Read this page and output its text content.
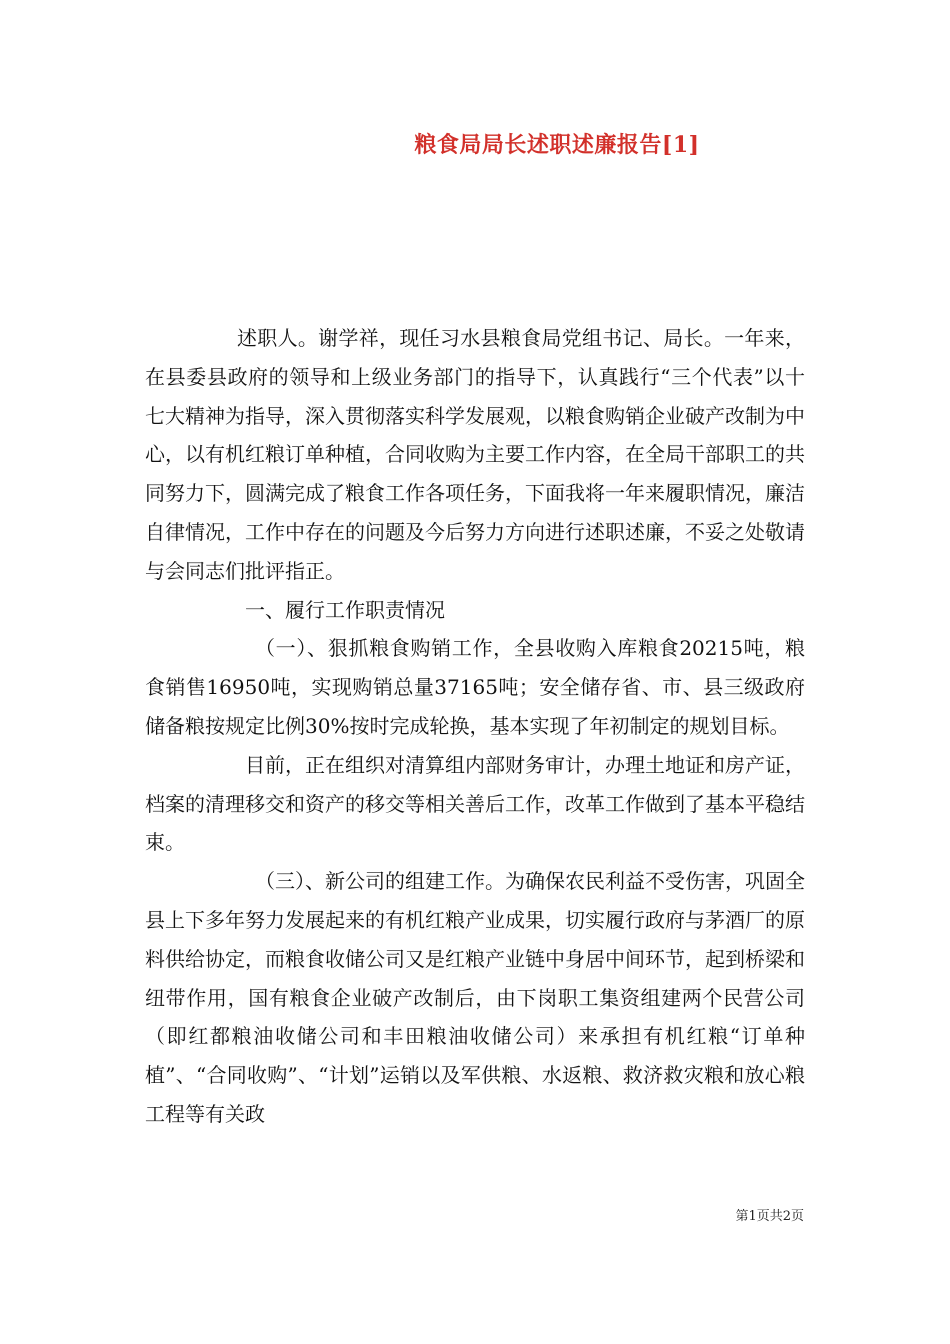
粮食局局长述职述廉报告[1]

述职人。谢学祥，现任习水县粮食局党组书记、局长。一年来，在县委县政府的领导和上级业务部门的指导下，认真践行“三个代表”以十七大精神为指导，深入贯彻落实科学发展观，以粮食购销企业破产改制为中心，以有机红粮订单种植，合同收购为主要工作内容，在全局干部职工的共同努力下，圆满完成了粮食工作各项任务，下面我将一年来履职情况，廉洁自律情况，工作中存在的问题及今后努力方向进行述职述廉，不妥之处敬请与会同志们批评指正。

一、履行工作职责情况

（一）、狠抓粮食购销工作，全县收购入库粮食20215吨，粮食销售16950吨，实现购销总量37165吨；安全储存省、市、县三级政府储备粮按规定比例30%按时完成轮换，基本实现了年初制定的规划目标。

目前，正在组织对清算组内部财务审计，办理土地证和房产证，档案的清理移交和资产的移交等相关善后工作，改革工作做到了基本平稳结束。

（三）、新公司的组建工作。为确保农民利益不受伤害，巩固全县上下多年努力发展起来的有机红粮产业成果，切实履行政府与茅酒厂的原料供给协定，而粮食收储公司又是红粮产业链中身居中间环节，起到桥梁和纽带作用，国有粮食企业破产改制后，由下岗职工集资组建两个民营公司（即红都粮油收储公司和丰田粮油收储公司）来承担有机红粮“订单种植”、“合同收购”、“计划”运销以及军供粮、水返粮、救济救灾粮和放心粮工程等有关政

第1页共2页
